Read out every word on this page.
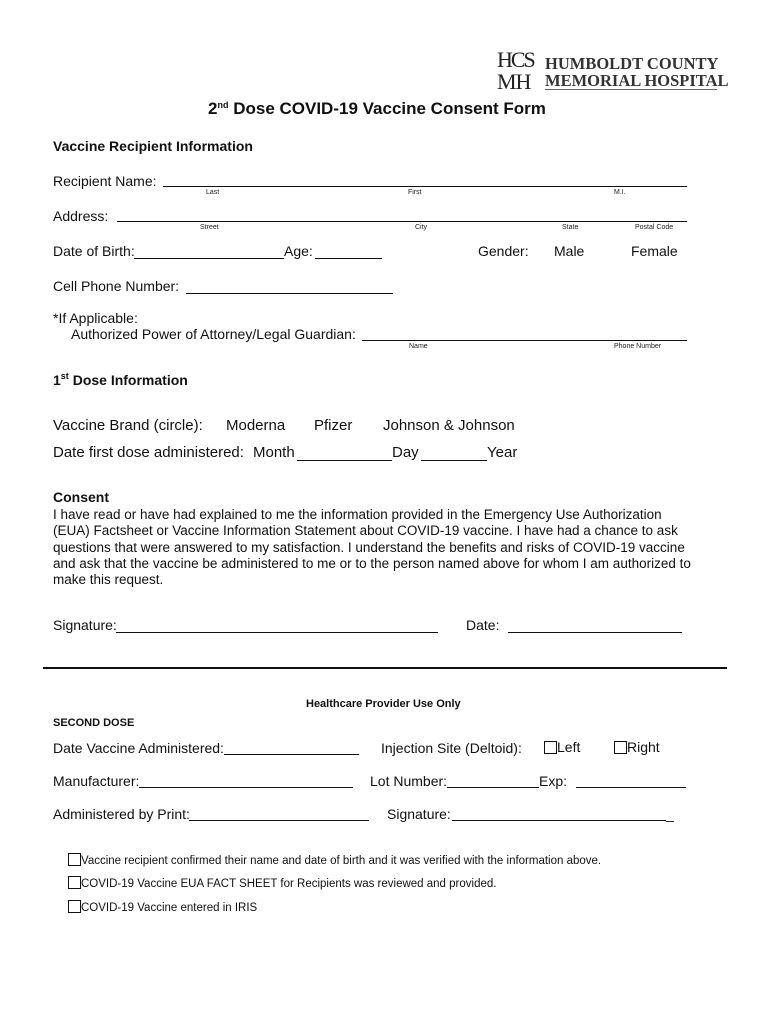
HCS
MH
HUMBOLDT COUNTY
MEMORIAL HOSPITAL
2nd Dose COVID-19 Vaccine Consent Form
Vaccine Recipient Information
Recipient Name:
Last	First	M.I.
Address:
Street	City	State	Postal Code
Date of Birth:	Age:	Gender: Male	Female
Cell Phone Number:
*If Applicable:
Authorized Power of Attorney/Legal Guardian:
Name	Phone Number
1st Dose Information
Vaccine Brand (circle): Moderna Pfizer Johnson & Johnson
Date first dose administered: Month	Day	Year
Consent
I have read or have had explained to me the information provided in the Emergency Use Authorization
(EUA) Factsheet or Vaccine Information Statement about COVID-19 vaccine. I have had a chance to ask
questions that were answered to my satisfaction. I understand the benefits and risks of COVID-19 vaccine
and ask that the vaccine be administered to me or to the person named above for whom I am authorized to
make this request.
Signature:	Date:
Healthcare Provider Use Only
SECOND DOSE
Date Vaccine Administered:	Injection Site (Deltoid):	Left	Right
Manufacturer:	Lot Number:	Exp:
Administered by Print:	Signature:	_
Vaccine recipient confirmed their name and date of birth and it was verified with the information above.
COVID-19 Vaccine EUA FACT SHEET for Recipients was reviewed and provided.
COVID-19 Vaccine entered in IRIS
